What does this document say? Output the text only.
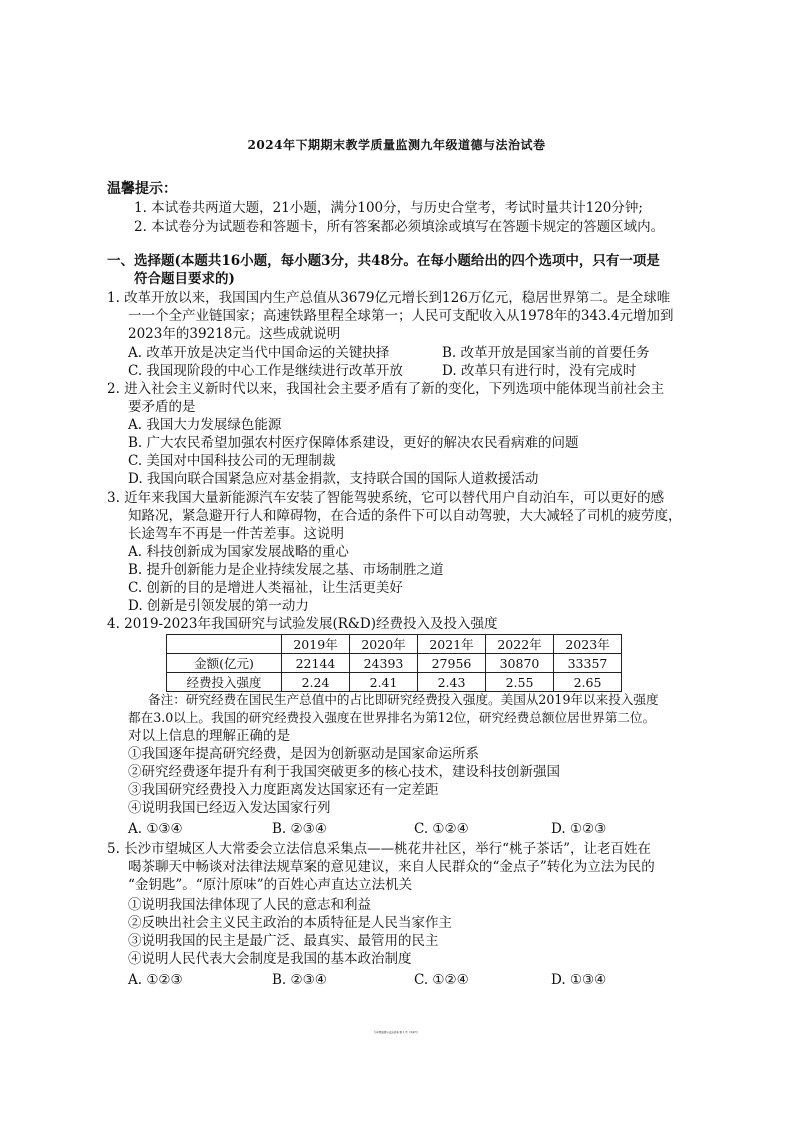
2024年下期期末教学质量监测九年级道德与法治试卷
温馨提示：
1. 本试卷共两道大题，21小题，满分100分，与历史合堂考，考试时量共计120分钟;
2. 本试卷分为试题卷和答题卡，所有答案都必须填涂或填写在答题卡规定的答题区域内。
一、选择题(本题共16小题，每小题3分，共48分。在每小题给出的四个选项中，只有一项是
符合题目要求的)
1. 改革开放以来，我国国内生产总值从3679亿元增长到126万亿元，稳居世界第二。是全球唯
一一个全产业链国家；高速铁路里程全球第一；人民可支配收入从1978年的343.4元增加到
2023年的39218元。这些成就说明
A. 改革开放是决定当代中国命运的关键抉择	B. 改革开放是国家当前的首要任务
C. 我国现阶段的中心工作是继续进行改革开放	D. 改革只有进行时，没有完成时
2. 进入社会主义新时代以来，我国社会主要矛盾有了新的变化，下列选项中能体现当前社会主
要矛盾的是
A. 我国大力发展绿色能源
B. 广大农民希望加强农村医疗保障体系建设，更好的解决农民看病难的问题
C. 美国对中国科技公司的无理制裁
D. 我国向联合国紧急应对基金捐款，支持联合国的国际人道救援活动
3. 近年来我国大量新能源汽车安装了智能驾驶系统，它可以替代用户自动泊车，可以更好的感
知路况，紧急避开行人和障碍物，在合适的条件下可以自动驾驶，大大减轻了司机的疲劳度，
长途驾车不再是一件苦差事。这说明
A. 科技创新成为国家发展战略的重心
B. 提升创新能力是企业持续发展之基、市场制胜之道
C. 创新的目的是增进人类福祉，让生活更美好
D. 创新是引领发展的第一动力
4. 2019-2023年我国研究与试验发展(R&D)经费投入及投入强度
	2019年	2020年	2021年	2022年	2023年
金额(亿元)	22144	24393	27956	30870	33357
经费投入强度	2.24	2.41	2.43	2.55	2.65
备注：研究经费在国民生产总值中的占比即研究经费投入强度。美国从2019年以来投入强度
都在3.0以上。我国的研究经费投入强度在世界排名为第12位，研究经费总额位居世界第二位。
对以上信息的理解正确的是
①我国逐年提高研究经费，是因为创新驱动是国家命运所系
②研究经费逐年提升有利于我国突破更多的核心技术，建设科技创新强国
③我国研究经费投入力度距离发达国家还有一定差距
④说明我国已经迈入发达国家行列
A. ①③④	B. ②③④	C. ①②④	D. ①②③
5. 长沙市望城区人大常委会立法信息采集点——桃花井社区，举行“桃子茶话”，让老百姓在
喝茶聊天中畅谈对法律法规草案的意见建议，来自人民群众的“金点子”转化为立法为民的
“金钥匙”。“原汁原味”的百姓心声直达立法机关
①说明我国法律体现了人民的意志和利益
②反映出社会主义民主政治的本质特征是人民当家作主
③说明我国的民主是最广泛、最真实、最管用的民主
④说明人民代表大会制度是我国的基本政治制度
A. ①②③	B. ②③④	C. ①②④	D. ①③④
九年级道德与法治试卷 第 1 页（共4页）
